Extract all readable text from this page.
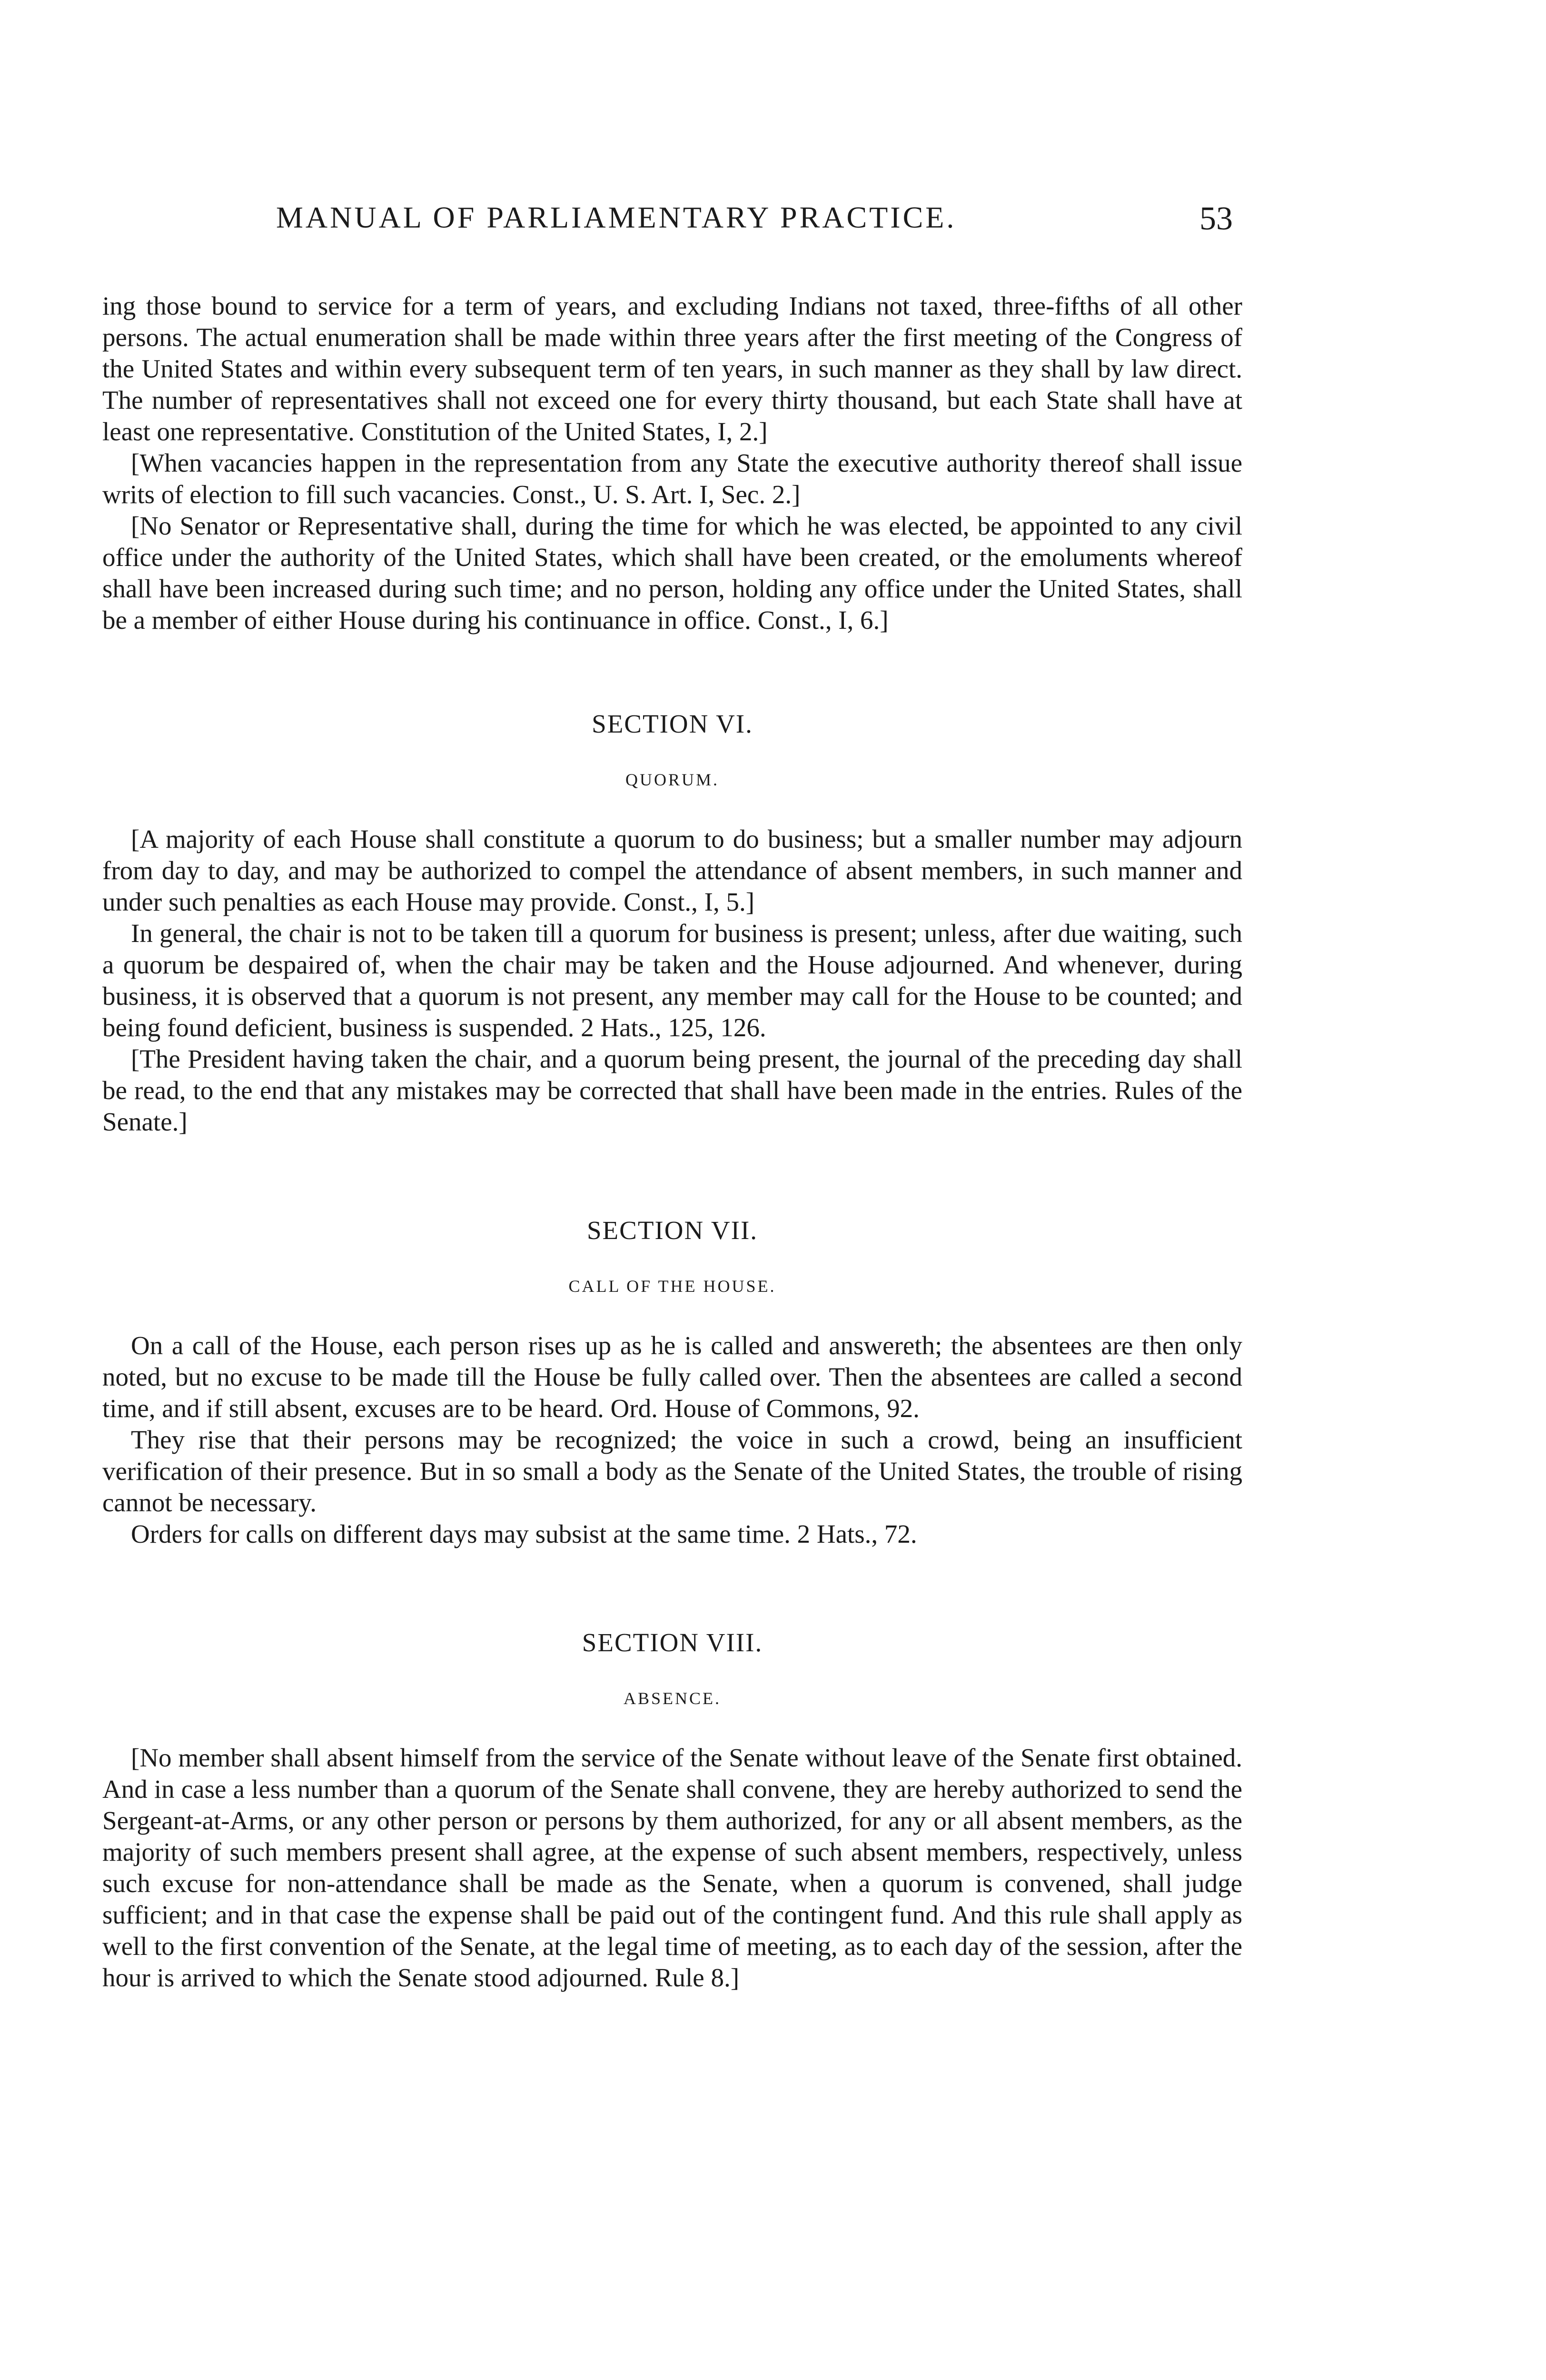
MANUAL OF PARLIAMENTARY PRACTICE.	53

ing those bound to service for a term of years, and excluding Indians not taxed, three-fifths of all other persons. The actual enumeration shall be made within three years after the first meeting of the Congress of the United States and within every subsequent term of ten years, in such manner as they shall by law direct. The number of representatives shall not exceed one for every thirty thousand, but each State shall have at least one representative. Constitution of the United States, I, 2.]

[When vacancies happen in the representation from any State the executive authority thereof shall issue writs of election to fill such vacancies. Const., U. S. Art. I, Sec. 2.]

[No Senator or Representative shall, during the time for which he was elected, be appointed to any civil office under the authority of the United States, which shall have been created, or the emoluments whereof shall have been increased during such time; and no person, holding any office under the United States, shall be a member of either House during his continuance in office. Const., I, 6.]

SECTION VI.
QUORUM.

[A majority of each House shall constitute a quorum to do business; but a smaller number may adjourn from day to day, and may be authorized to compel the attendance of absent members, in such manner and under such penalties as each House may provide. Const., I, 5.]

In general, the chair is not to be taken till a quorum for business is present; unless, after due waiting, such a quorum be despaired of, when the chair may be taken and the House adjourned. And whenever, during business, it is observed that a quorum is not present, any member may call for the House to be counted; and being found deficient, business is suspended. 2 Hats., 125, 126.

[The President having taken the chair, and a quorum being present, the journal of the preceding day shall be read, to the end that any mistakes may be corrected that shall have been made in the entries. Rules of the Senate.]

SECTION VII.
CALL OF THE HOUSE.

On a call of the House, each person rises up as he is called and answereth; the absentees are then only noted, but no excuse to be made till the House be fully called over. Then the absentees are called a second time, and if still absent, excuses are to be heard. Ord. House of Commons, 92.

They rise that their persons may be recognized; the voice in such a crowd, being an insufficient verification of their presence. But in so small a body as the Senate of the United States, the trouble of rising cannot be necessary.

Orders for calls on different days may subsist at the same time. 2 Hats., 72.

SECTION VIII.
ABSENCE.

[No member shall absent himself from the service of the Senate without leave of the Senate first obtained. And in case a less number than a quorum of the Senate shall convene, they are hereby authorized to send the Sergeant-at-Arms, or any other person or persons by them authorized, for any or all absent members, as the majority of such members present shall agree, at the expense of such absent members, respectively, unless such excuse for non-attendance shall be made as the Senate, when a quorum is convened, shall judge sufficient; and in that case the expense shall be paid out of the contingent fund. And this rule shall apply as well to the first convention of the Senate, at the legal time of meeting, as to each day of the session, after the hour is arrived to which the Senate stood adjourned. Rule 8.]
